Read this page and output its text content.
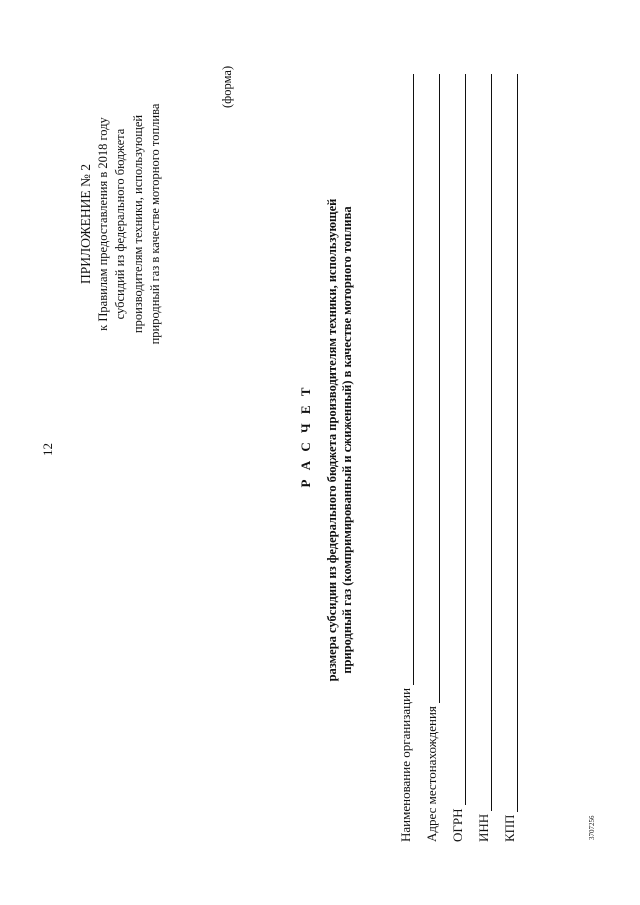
12
ПРИЛОЖЕНИЕ № 2 к Правилам предоставления в 2018 году субсидий из федерального бюджета производителям техники, использующей природный газ в качестве моторного топлива
(форма)
Р А С Ч Е Т размера субсидии из федерального бюджета производителям техники, использующей природный газ (компримированный и сжиженный) в качестве моторного топлива
Наименование организации Адрес местонахождения ОГРН ИНН КПП	3707256
